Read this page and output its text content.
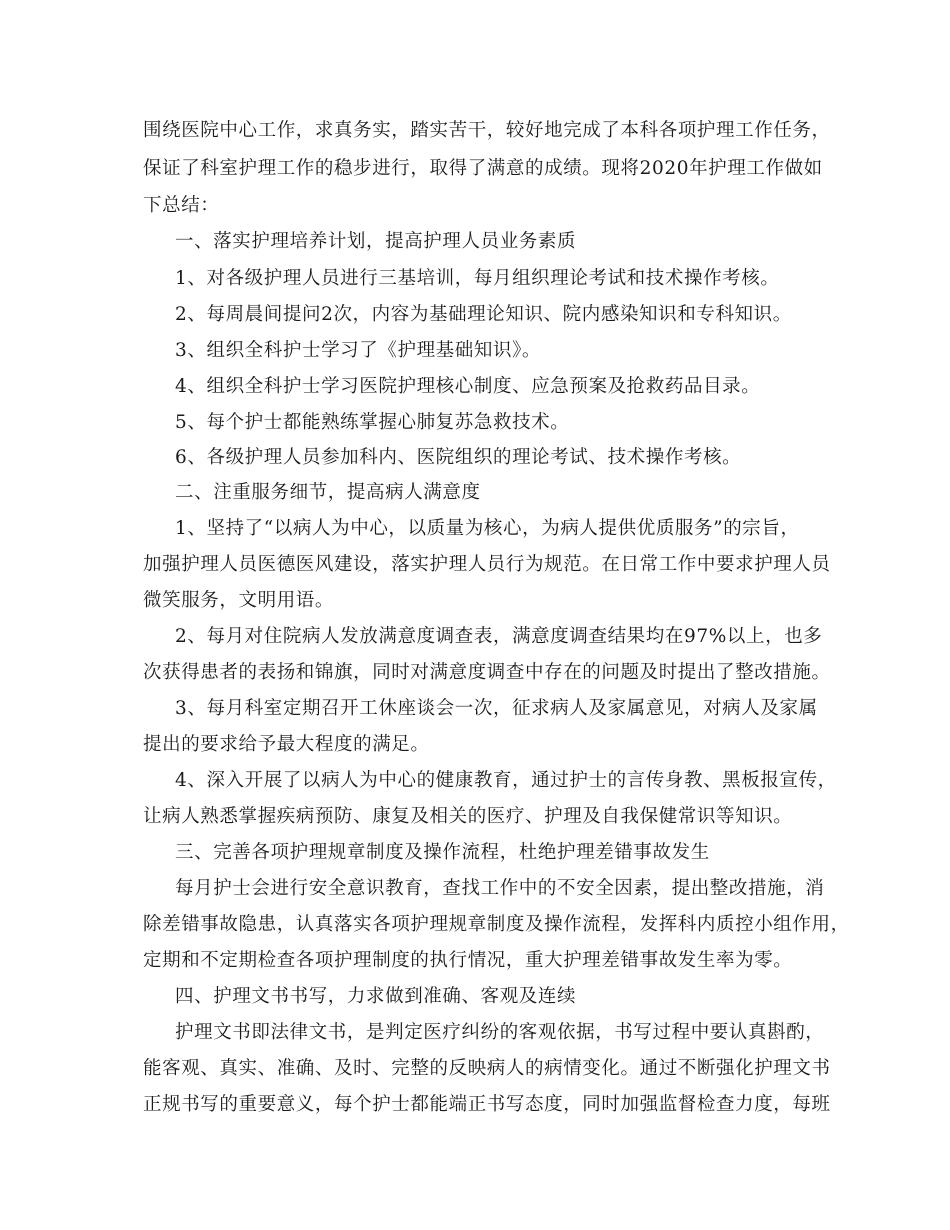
围绕医院中心工作，求真务实，踏实苦干，较好地完成了本科各项护理工作任务，
保证了科室护理工作的稳步进行，取得了满意的成绩。现将2020年护理工作做如
下总结：
一、落实护理培养计划，提高护理人员业务素质
1、对各级护理人员进行三基培训，每月组织理论考试和技术操作考核。
2、每周晨间提问2次，内容为基础理论知识、院内感染知识和专科知识。
3、组织全科护士学习了《护理基础知识》。
4、组织全科护士学习医院护理核心制度、应急预案及抢救药品目录。
5、每个护士都能熟练掌握心肺复苏急救技术。
6、各级护理人员参加科内、医院组织的理论考试、技术操作考核。
二、注重服务细节，提高病人满意度
1、坚持了“以病人为中心，以质量为核心，为病人提供优质服务”的宗旨，
加强护理人员医德医风建设，落实护理人员行为规范。在日常工作中要求护理人员
微笑服务，文明用语。
2、每月对住院病人发放满意度调查表，满意度调查结果均在97%以上，也多
次获得患者的表扬和锦旗，同时对满意度调查中存在的问题及时提出了整改措施。
3、每月科室定期召开工休座谈会一次，征求病人及家属意见，对病人及家属
提出的要求给予最大程度的满足。
4、深入开展了以病人为中心的健康教育，通过护士的言传身教、黑板报宣传，
让病人熟悉掌握疾病预防、康复及相关的医疗、护理及自我保健常识等知识。
三、完善各项护理规章制度及操作流程，杜绝护理差错事故发生
每月护士会进行安全意识教育，查找工作中的不安全因素，提出整改措施，消
除差错事故隐患，认真落实各项护理规章制度及操作流程，发挥科内质控小组作用，
定期和不定期检查各项护理制度的执行情况，重大护理差错事故发生率为零。
四、护理文书书写，力求做到准确、客观及连续
护理文书即法律文书，是判定医疗纠纷的客观依据，书写过程中要认真斟酌，
能客观、真实、准确、及时、完整的反映病人的病情变化。通过不断强化护理文书
正规书写的重要意义，每个护士都能端正书写态度，同时加强监督检查力度，每班
